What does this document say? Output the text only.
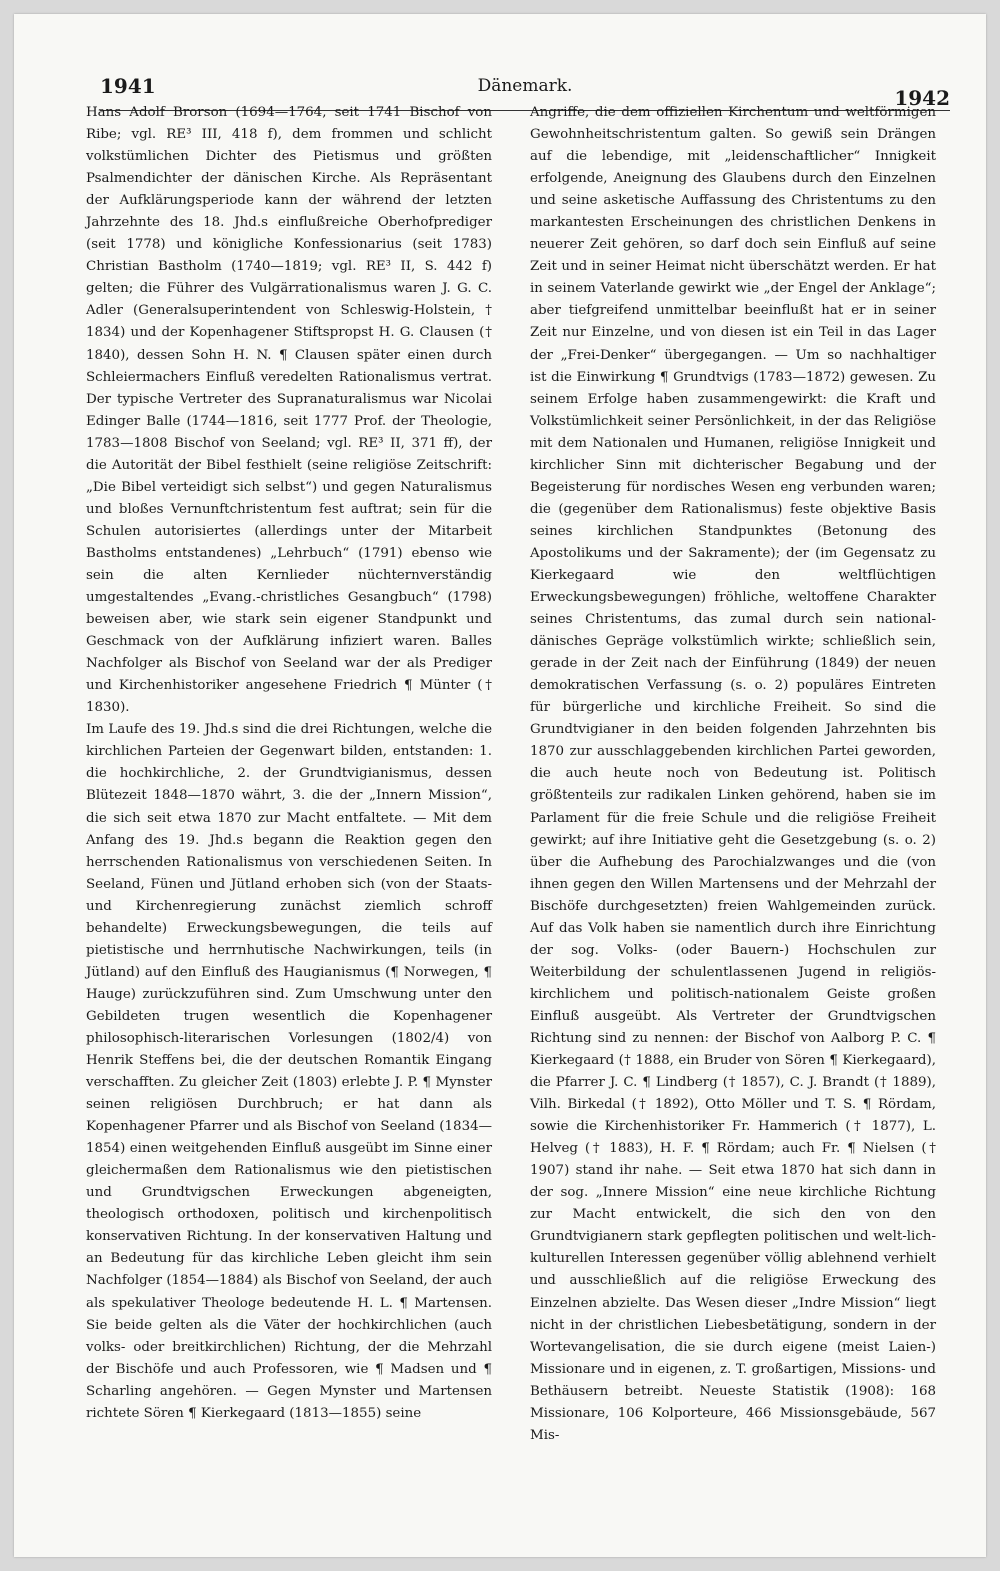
1941	Dänemark.	1942

Hans Adolf Brorson (1694—1764, seit 1741 Bischof von Ribe; vgl. RE³ III, 418 f), dem frommen und schlicht volkstümlichen Dichter des Pietismus und größten Psalmendichter der dänischen Kirche. Als Repräsentant der Aufklärungsperiode kann der während der letzten Jahrzehnte des 18. Jhd.s einflußreiche Oberhofprediger (seit 1778) und königliche Konfessionarius (seit 1783) Christian Bastholm (1740—1819; vgl. RE³ II, S. 442 f) gelten; die Führer des Vulgärrationalismus waren J. G. C. Adler (Generalsuperintendent von Schleswig-Holstein, † 1834) und der Kopenhagener Stiftspropst H. G. Clausen († 1840), dessen Sohn H. N. ¶ Clausen später einen durch Schleiermachers Einfluß veredelten Rationalismus vertrat. Der typische Vertreter des Supranaturalismus war Nicolai Edinger Balle (1744—1816, seit 1777 Prof. der Theologie, 1783—1808 Bischof von Seeland; vgl. RE³ II, 371 ff), der die Autorität der Bibel festhielt (seine religiöse Zeitschrift: „Die Bibel verteidigt sich selbst“) und gegen Naturalismus und bloßes Vernunftchristentum fest auftrat; sein für die Schulen autorisiertes (allerdings unter der Mitarbeit Bastholms entstandenes) „Lehrbuch“ (1791) ebenso wie sein die alten Kernlieder nüchternverständig umgestaltendes „Evang.-christliches Gesangbuch“ (1798) beweisen aber, wie stark sein eigener Standpunkt und Geschmack von der Aufklärung infiziert waren. Balles Nachfolger als Bischof von Seeland war der als Prediger und Kirchenhistoriker angesehene Friedrich ¶ Münter († 1830).

Im Laufe des 19. Jhd.s sind die drei Richtungen, welche die kirchlichen Parteien der Gegenwart bilden, entstanden: 1. die hochkirchliche, 2. der Grundtvigianismus, dessen Blütezeit 1848—1870 währt, 3. die der „Innern Mission“, die sich seit etwa 1870 zur Macht entfaltete. — Mit dem Anfang des 19. Jhd.s begann die Reaktion gegen den herrschenden Rationalismus von verschiedenen Seiten. In Seeland, Fünen und Jütland erhoben sich (von der Staats- und Kirchenregierung zunächst ziemlich schroff behandelte) Erweckungsbewegungen, die teils auf pietistische und herrnhutische Nachwirkungen, teils (in Jütland) auf den Einfluß des Haugianismus (¶ Norwegen, ¶ Hauge) zurückzuführen sind. Zum Umschwung unter den Gebildeten trugen wesentlich die Kopenhagener philosophisch-literarischen Vorlesungen (1802/4) von Henrik Steffens bei, die der deutschen Romantik Eingang verschafften. Zu gleicher Zeit (1803) erlebte J. P. ¶ Mynster seinen religiösen Durchbruch; er hat dann als Kopenhagener Pfarrer und als Bischof von Seeland (1834—1854) einen weitgehenden Einfluß ausgeübt im Sinne einer gleichermaßen dem Rationalismus wie den pietistischen und Grundtvigschen Erweckungen abgeneigten, theologisch orthodoxen, politisch und kirchenpolitisch konservativen Richtung. In der konservativen Haltung und an Bedeutung für das kirchliche Leben gleicht ihm sein Nachfolger (1854—1884) als Bischof von Seeland, der auch als spekulativer Theologe bedeutende H. L. ¶ Martensen. Sie beide gelten als die Väter der hochkirchlichen (auch volks- oder breitkirchlichen) Richtung, der die Mehrzahl der Bischöfe und auch Professoren, wie ¶ Madsen und ¶ Scharling angehören. — Gegen Mynster und Martensen richtete Sören ¶ Kierkegaard (1813—1855) seine

Angriffe, die dem offiziellen Kirchentum und weltförmigen Gewohnheitschristentum galten. So gewiß sein Drängen auf die lebendige, mit „leidenschaftlicher“ Innigkeit erfolgende, Aneignung des Glaubens durch den Einzelnen und seine asketische Auffassung des Christentums zu den markantesten Erscheinungen des christlichen Denkens in neuerer Zeit gehören, so darf doch sein Einfluß auf seine Zeit und in seiner Heimat nicht überschätzt werden. Er hat in seinem Vaterlande gewirkt wie „der Engel der Anklage“; aber tiefgreifend unmittelbar beeinflußt hat er in seiner Zeit nur Einzelne, und von diesen ist ein Teil in das Lager der „Frei-Denker“ übergegangen. — Um so nachhaltiger ist die Einwirkung ¶ Grundtvigs (1783—1872) gewesen. Zu seinem Erfolge haben zusammengewirkt: die Kraft und Volkstümlichkeit seiner Persönlichkeit, in der das Religiöse mit dem Nationalen und Humanen, religiöse Innigkeit und kirchlicher Sinn mit dichterischer Begabung und der Begeisterung für nordisches Wesen eng verbunden waren; die (gegenüber dem Rationalismus) feste objektive Basis seines kirchlichen Standpunktes (Betonung des Apostolikums und der Sakramente); der (im Gegensatz zu Kierkegaard wie den weltflüchtigen Erweckungsbewegungen) fröhliche, weltoffene Charakter seines Christentums, das zumal durch sein national-dänisches Gepräge volkstümlich wirkte; schließlich sein, gerade in der Zeit nach der Einführung (1849) der neuen demokratischen Verfassung (s. o. 2) populäres Eintreten für bürgerliche und kirchliche Freiheit. So sind die Grundtvigianer in den beiden folgenden Jahrzehnten bis 1870 zur ausschlaggebenden kirchlichen Partei geworden, die auch heute noch von Bedeutung ist. Politisch größtenteils zur radikalen Linken gehörend, haben sie im Parlament für die freie Schule und die religiöse Freiheit gewirkt; auf ihre Initiative geht die Gesetzgebung (s. o. 2) über die Aufhebung des Parochialzwanges und die (von ihnen gegen den Willen Martensens und der Mehrzahl der Bischöfe durchgesetzten) freien Wahlgemeinden zurück. Auf das Volk haben sie namentlich durch ihre Einrichtung der sog. Volks- (oder Bauern-) Hochschulen zur Weiterbildung der schulentlassenen Jugend in religiös-kirchlichem und politisch-nationalem Geiste großen Einfluß ausgeübt. Als Vertreter der Grundtvigschen Richtung sind zu nennen: der Bischof von Aalborg P. C. ¶ Kierkegaard († 1888, ein Bruder von Sören ¶ Kierkegaard), die Pfarrer J. C. ¶ Lindberg († 1857), C. J. Brandt († 1889), Vilh. Birkedal († 1892), Otto Möller und T. S. ¶ Rördam, sowie die Kirchenhistoriker Fr. Hammerich († 1877), L. Helveg († 1883), H. F. ¶ Rördam; auch Fr. ¶ Nielsen († 1907) stand ihr nahe. — Seit etwa 1870 hat sich dann in der sog. „Innere Mission“ eine neue kirchliche Richtung zur Macht entwickelt, die sich den von den Grundtvigianern stark gepflegten politischen und welt-lich-kulturellen Interessen gegenüber völlig ablehnend verhielt und ausschließlich auf die religiöse Erweckung des Einzelnen abzielte. Das Wesen dieser „Indre Mission“ liegt nicht in der christlichen Liebesbetätigung, sondern in der Wortevangelisation, die sie durch eigene (meist Laien-) Missionare und in eigenen, z. T. großartigen, Missions- und Bethäusern betreibt. Neueste Statistik (1908): 168 Missionare, 106 Kolporteure, 466 Missionsgebäude, 567 Mis-
